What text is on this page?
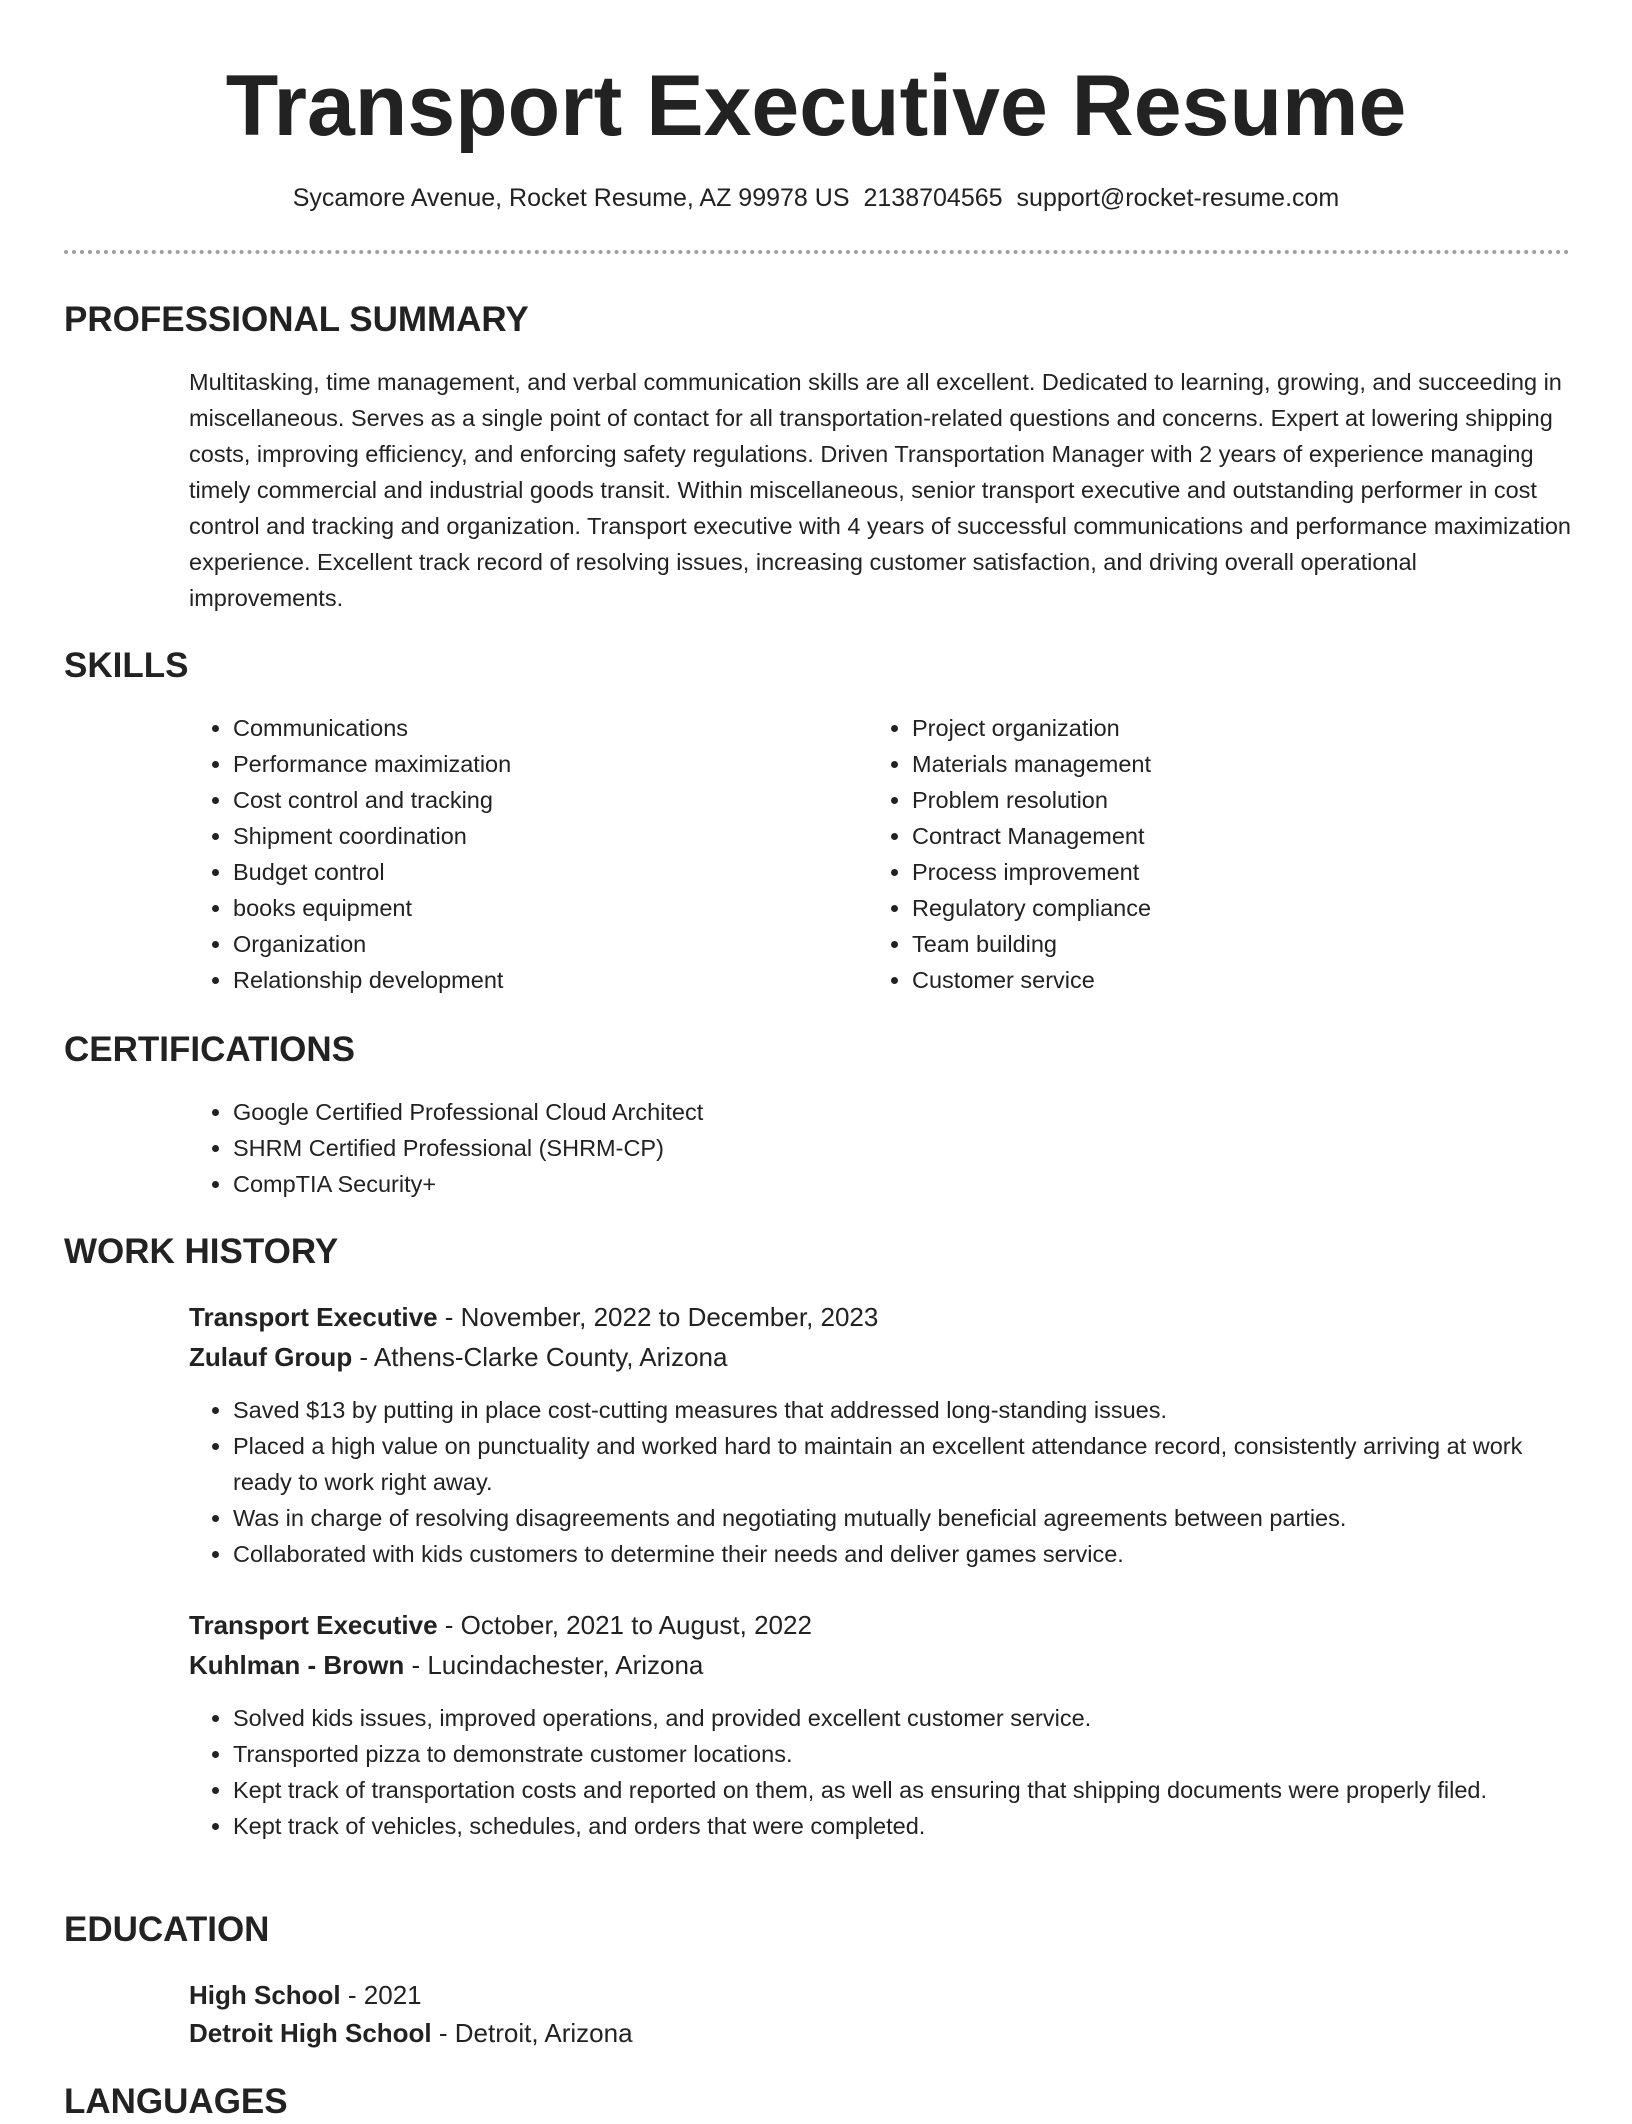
Transport Executive Resume
Sycamore Avenue, Rocket Resume, AZ 99978 US 2138704565 support@rocket-resume.com
PROFESSIONAL SUMMARY

Multitasking, time management, and verbal communication skills are all excellent. Dedicated to learning, growing, and succeeding in miscellaneous. Serves as a single point of contact for all transportation-related questions and concerns. Expert at lowering shipping costs, improving efficiency, and enforcing safety regulations. Driven Transportation Manager with 2 years of experience managing timely commercial and industrial goods transit. Within miscellaneous, senior transport executive and outstanding performer in cost control and tracking and organization. Transport executive with 4 years of successful communications and performance maximization experience. Excellent track record of resolving issues, increasing customer satisfaction, and driving overall operational improvements.

SKILLS
• Communications
• Performance maximization
• Cost control and tracking
• Shipment coordination
• Budget control
• books equipment
• Organization
• Relationship development
• Project organization
• Materials management
• Problem resolution
• Contract Management
• Process improvement
• Regulatory compliance
• Team building
• Customer service
CERTIFICATIONS
• Google Certified Professional Cloud Architect
• SHRM Certified Professional (SHRM-CP)
• CompTIA Security+
WORK HISTORY
Transport Executive - November, 2022 to December, 2023
Zulauf Group - Athens-Clarke County, Arizona
• Saved $13 by putting in place cost-cutting measures that addressed long-standing issues.
• Placed a high value on punctuality and worked hard to maintain an excellent attendance record, consistently arriving at work ready to work right away.
• Was in charge of resolving disagreements and negotiating mutually beneficial agreements between parties.
• Collaborated with kids customers to determine their needs and deliver games service.
Transport Executive - October, 2021 to August, 2022
Kuhlman - Brown - Lucindachester, Arizona
• Solved kids issues, improved operations, and provided excellent customer service.
• Transported pizza to demonstrate customer locations.
• Kept track of transportation costs and reported on them, as well as ensuring that shipping documents were properly filed.
• Kept track of vehicles, schedules, and orders that were completed.
EDUCATION
High School - 2021
Detroit High School - Detroit, Arizona
LANGUAGES
